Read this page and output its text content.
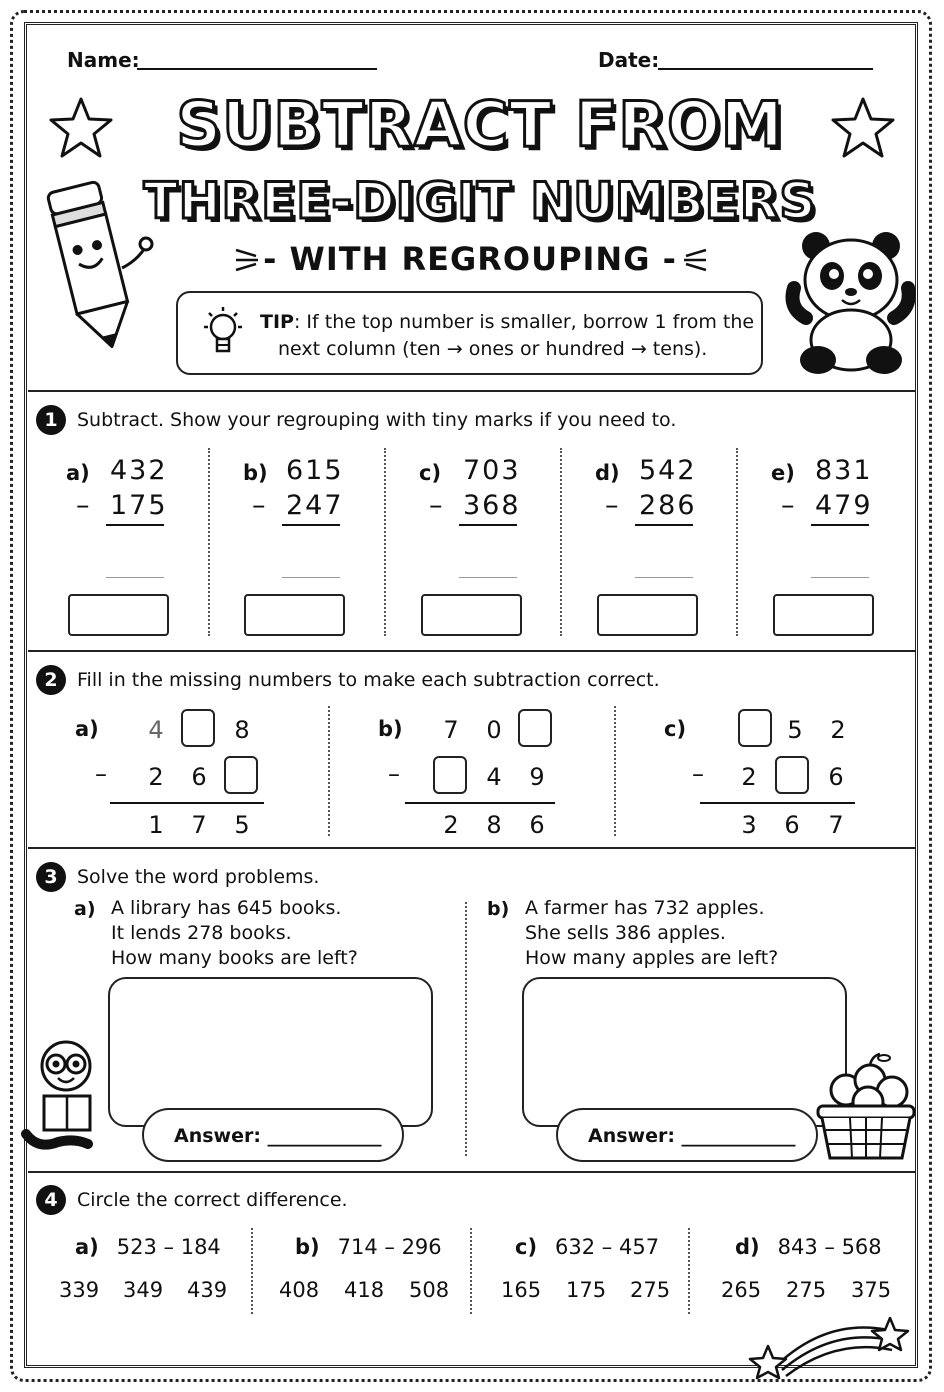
Name:	Date:
SUBTRACT FROM
THREE-DIGIT NUMBERS
- WITH REGROUPING -
TIP: If the top number is smaller, borrow 1 from the
next column (ten → ones or hundred → tens).
1	Subtract. Show your regrouping with tiny marks if you need to.
a) 432
– 175
b) 615
– 247
c) 703
– 368
d) 542
– 286
e) 831
– 479
2	Fill in the missing numbers to make each subtraction correct.
a) 4	8
– 2 6
1 7 5
b) 7 0
–	4 9
2 8 6
c)	5 2
– 2	6
3 6 7
3	Solve the word problems.
a) A library has 645 books.
It lends 278 books.
How many books are left?
Answer: ____________
b) A farmer has 732 apples.
She sells 386 apples.
How many apples are left?
Answer: ____________
4	Circle the correct difference.
a) 523 – 184
339 349 439
b) 714 – 296
408 418 508
c) 632 – 457
165 175 275
d) 843 – 568
265 275 375
